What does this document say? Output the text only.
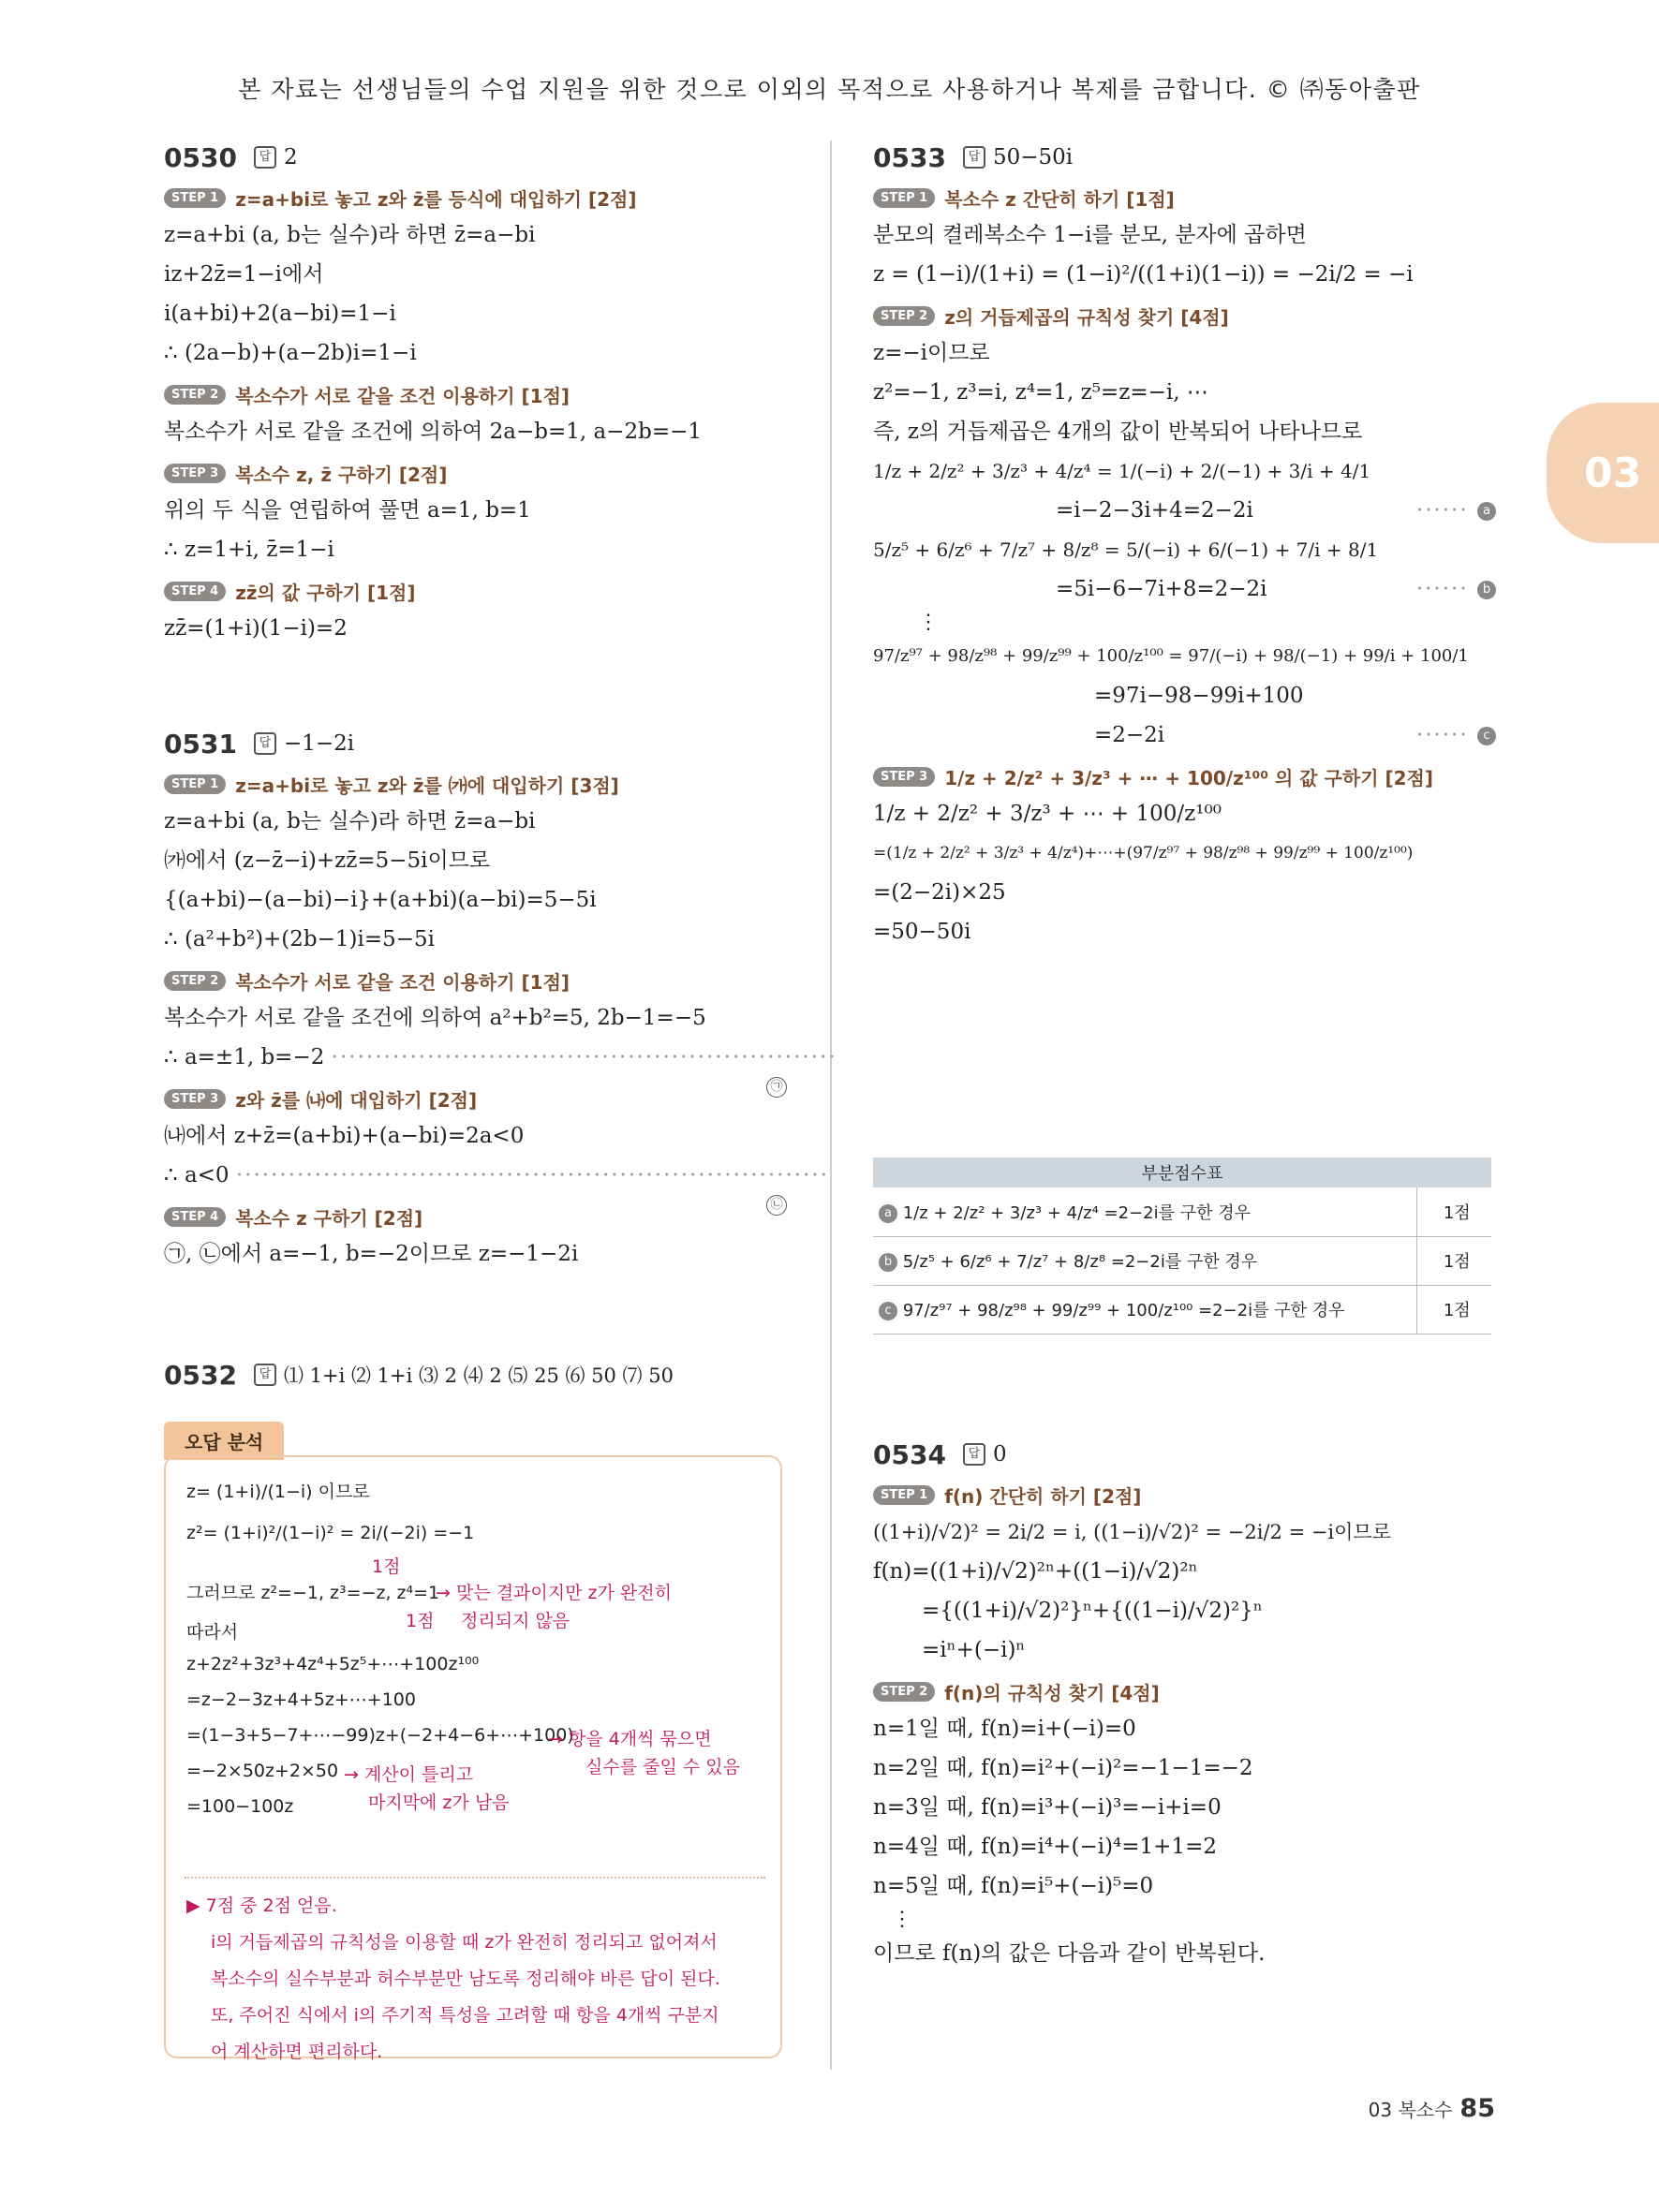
본 자료는 선생님들의 수업 지원을 위한 것으로 이외의 목적으로 사용하거나 복제를 금합니다. © ㈜동아출판
03
0530	답 2
STEP 1 z=a+bi로 놓고 z와 z̄를 등식에 대입하기 [2점]
z=a+bi (a, b는 실수)라 하면 z̄=a−bi
iz+2z̄=1−i에서
i(a+bi)+2(a−bi)=1−i
∴ (2a−b)+(a−2b)i=1−i
STEP 2 복소수가 서로 같을 조건 이용하기 [1점]
복소수가 서로 같을 조건에 의하여 2a−b=1, a−2b=−1
STEP 3 복소수 z, z̄ 구하기 [2점]
위의 두 식을 연립하여 풀면 a=1, b=1
∴ z=1+i, z̄=1−i
STEP 4 zz̄의 값 구하기 [1점]
zz̄=(1+i)(1−i)=2
0531	답 −1−2i
STEP 1 z=a+bi로 놓고 z와 z̄를 ㈎에 대입하기 [3점]
z=a+bi (a, b는 실수)라 하면 z̄=a−bi
㈎에서 (z−z̄−i)+zz̄=5−5i이므로
{(a+bi)−(a−bi)−i}+(a+bi)(a−bi)=5−5i
∴ (a²+b²)+(2b−1)i=5−5i
STEP 2 복소수가 서로 같을 조건 이용하기 [1점]
복소수가 서로 같을 조건에 의하여 a²+b²=5, 2b−1=−5
∴ a=±1, b=−2 ··························································
㉠
STEP 3 z와 z̄를 ㈏에 대입하기 [2점]
㈏에서 z+z̄=(a+bi)+(a−bi)=2a<0
∴ a<0 ····································································
㉡
STEP 4 복소수 z 구하기 [2점]
㉠, ㉡에서 a=−1, b=−2이므로 z=−1−2i
0532	답 ⑴ 1+i ⑵ 1+i ⑶ 2 ⑷ 2 ⑸ 25 ⑹ 50 ⑺ 50
오답 분석
z= (1+i)/(1−i) 이므로
z²= (1+i)²/(1−i)² = 2i/(−2i) =−1
1점
그러므로 z²=−1, z³=−z, z⁴=1
→ 맞는 결과이지만 z가 완전히
1점 정리되지 않음
따라서
z+2z²+3z³+4z⁴+5z⁵+⋯+100z¹⁰⁰
=z−2−3z+4+5z+⋯+100
=(1−3+5−7+⋯−99)z+(−2+4−6+⋯+100)
→ 항을 4개씩 묶으면
실수를 줄일 수 있음
=−2×50z+2×50 → 계산이 틀리고
마지막에 z가 남음
=100−100z
▶ 7점 중 2점 얻음.
i의 거듭제곱의 규칙성을 이용할 때 z가 완전히 정리되고 없어져서
복소수의 실수부분과 허수부분만 남도록 정리해야 바른 답이 된다.
또, 주어진 식에서 i의 주기적 특성을 고려할 때 항을 4개씩 구분지
어 계산하면 편리하다.
0533	답 50−50i
STEP 1 복소수 z 간단히 하기 [1점]
분모의 켤레복소수 1−i를 분모, 분자에 곱하면
z = (1−i)/(1+i) = (1−i)²/((1+i)(1−i)) = −2i/2 = −i
STEP 2 z의 거듭제곱의 규칙성 찾기 [4점]
z=−i이므로
z²=−1, z³=i, z⁴=1, z⁵=z=−i, ⋯
즉, z의 거듭제곱은 4개의 값이 반복되어 나타나므로
1/z + 2/z² + 3/z³ + 4/z⁴ = 1/(−i) + 2/(−1) + 3/i + 4/1
=i−2−3i+4=2−2i	······ a
5/z⁵ + 6/z⁶ + 7/z⁷ + 8/z⁸ = 5/(−i) + 6/(−1) + 7/i + 8/1
=5i−6−7i+8=2−2i	······ b
⋮
97/z⁹⁷ + 98/z⁹⁸ + 99/z⁹⁹ + 100/z¹⁰⁰ = 97/(−i) + 98/(−1) + 99/i + 100/1
=97i−98−99i+100
=2−2i	······ c
STEP 3 1/z + 2/z² + 3/z³ + ⋯ + 100/z¹⁰⁰ 의 값 구하기 [2점]
1/z + 2/z² + 3/z³ + ⋯ + 100/z¹⁰⁰
=(1/z + 2/z² + 3/z³ + 4/z⁴)+⋯+(97/z⁹⁷ + 98/z⁹⁸ + 99/z⁹⁹ + 100/z¹⁰⁰)
=(2−2i)×25
=50−50i
부분점수표	
a 1/z + 2/z² + 3/z³ + 4/z⁴ =2−2i를 구한 경우	1점
b 5/z⁵ + 6/z⁶ + 7/z⁷ + 8/z⁸ =2−2i를 구한 경우	1점
c 97/z⁹⁷ + 98/z⁹⁸ + 99/z⁹⁹ + 100/z¹⁰⁰ =2−2i를 구한 경우	1점
0534	답 0
STEP 1 f(n) 간단히 하기 [2점]
((1+i)/√2)² = 2i/2 = i, ((1−i)/√2)² = −2i/2 = −i이므로
f(n)=((1+i)/√2)²ⁿ+((1−i)/√2)²ⁿ
={((1+i)/√2)²}ⁿ+{((1−i)/√2)²}ⁿ
=iⁿ+(−i)ⁿ
STEP 2 f(n)의 규칙성 찾기 [4점]
n=1일 때, f(n)=i+(−i)=0
n=2일 때, f(n)=i²+(−i)²=−1−1=−2
n=3일 때, f(n)=i³+(−i)³=−i+i=0
n=4일 때, f(n)=i⁴+(−i)⁴=1+1=2
n=5일 때, f(n)=i⁵+(−i)⁵=0
⋮
이므로 f(n)의 값은 다음과 같이 반복된다.
03 복소수 85
